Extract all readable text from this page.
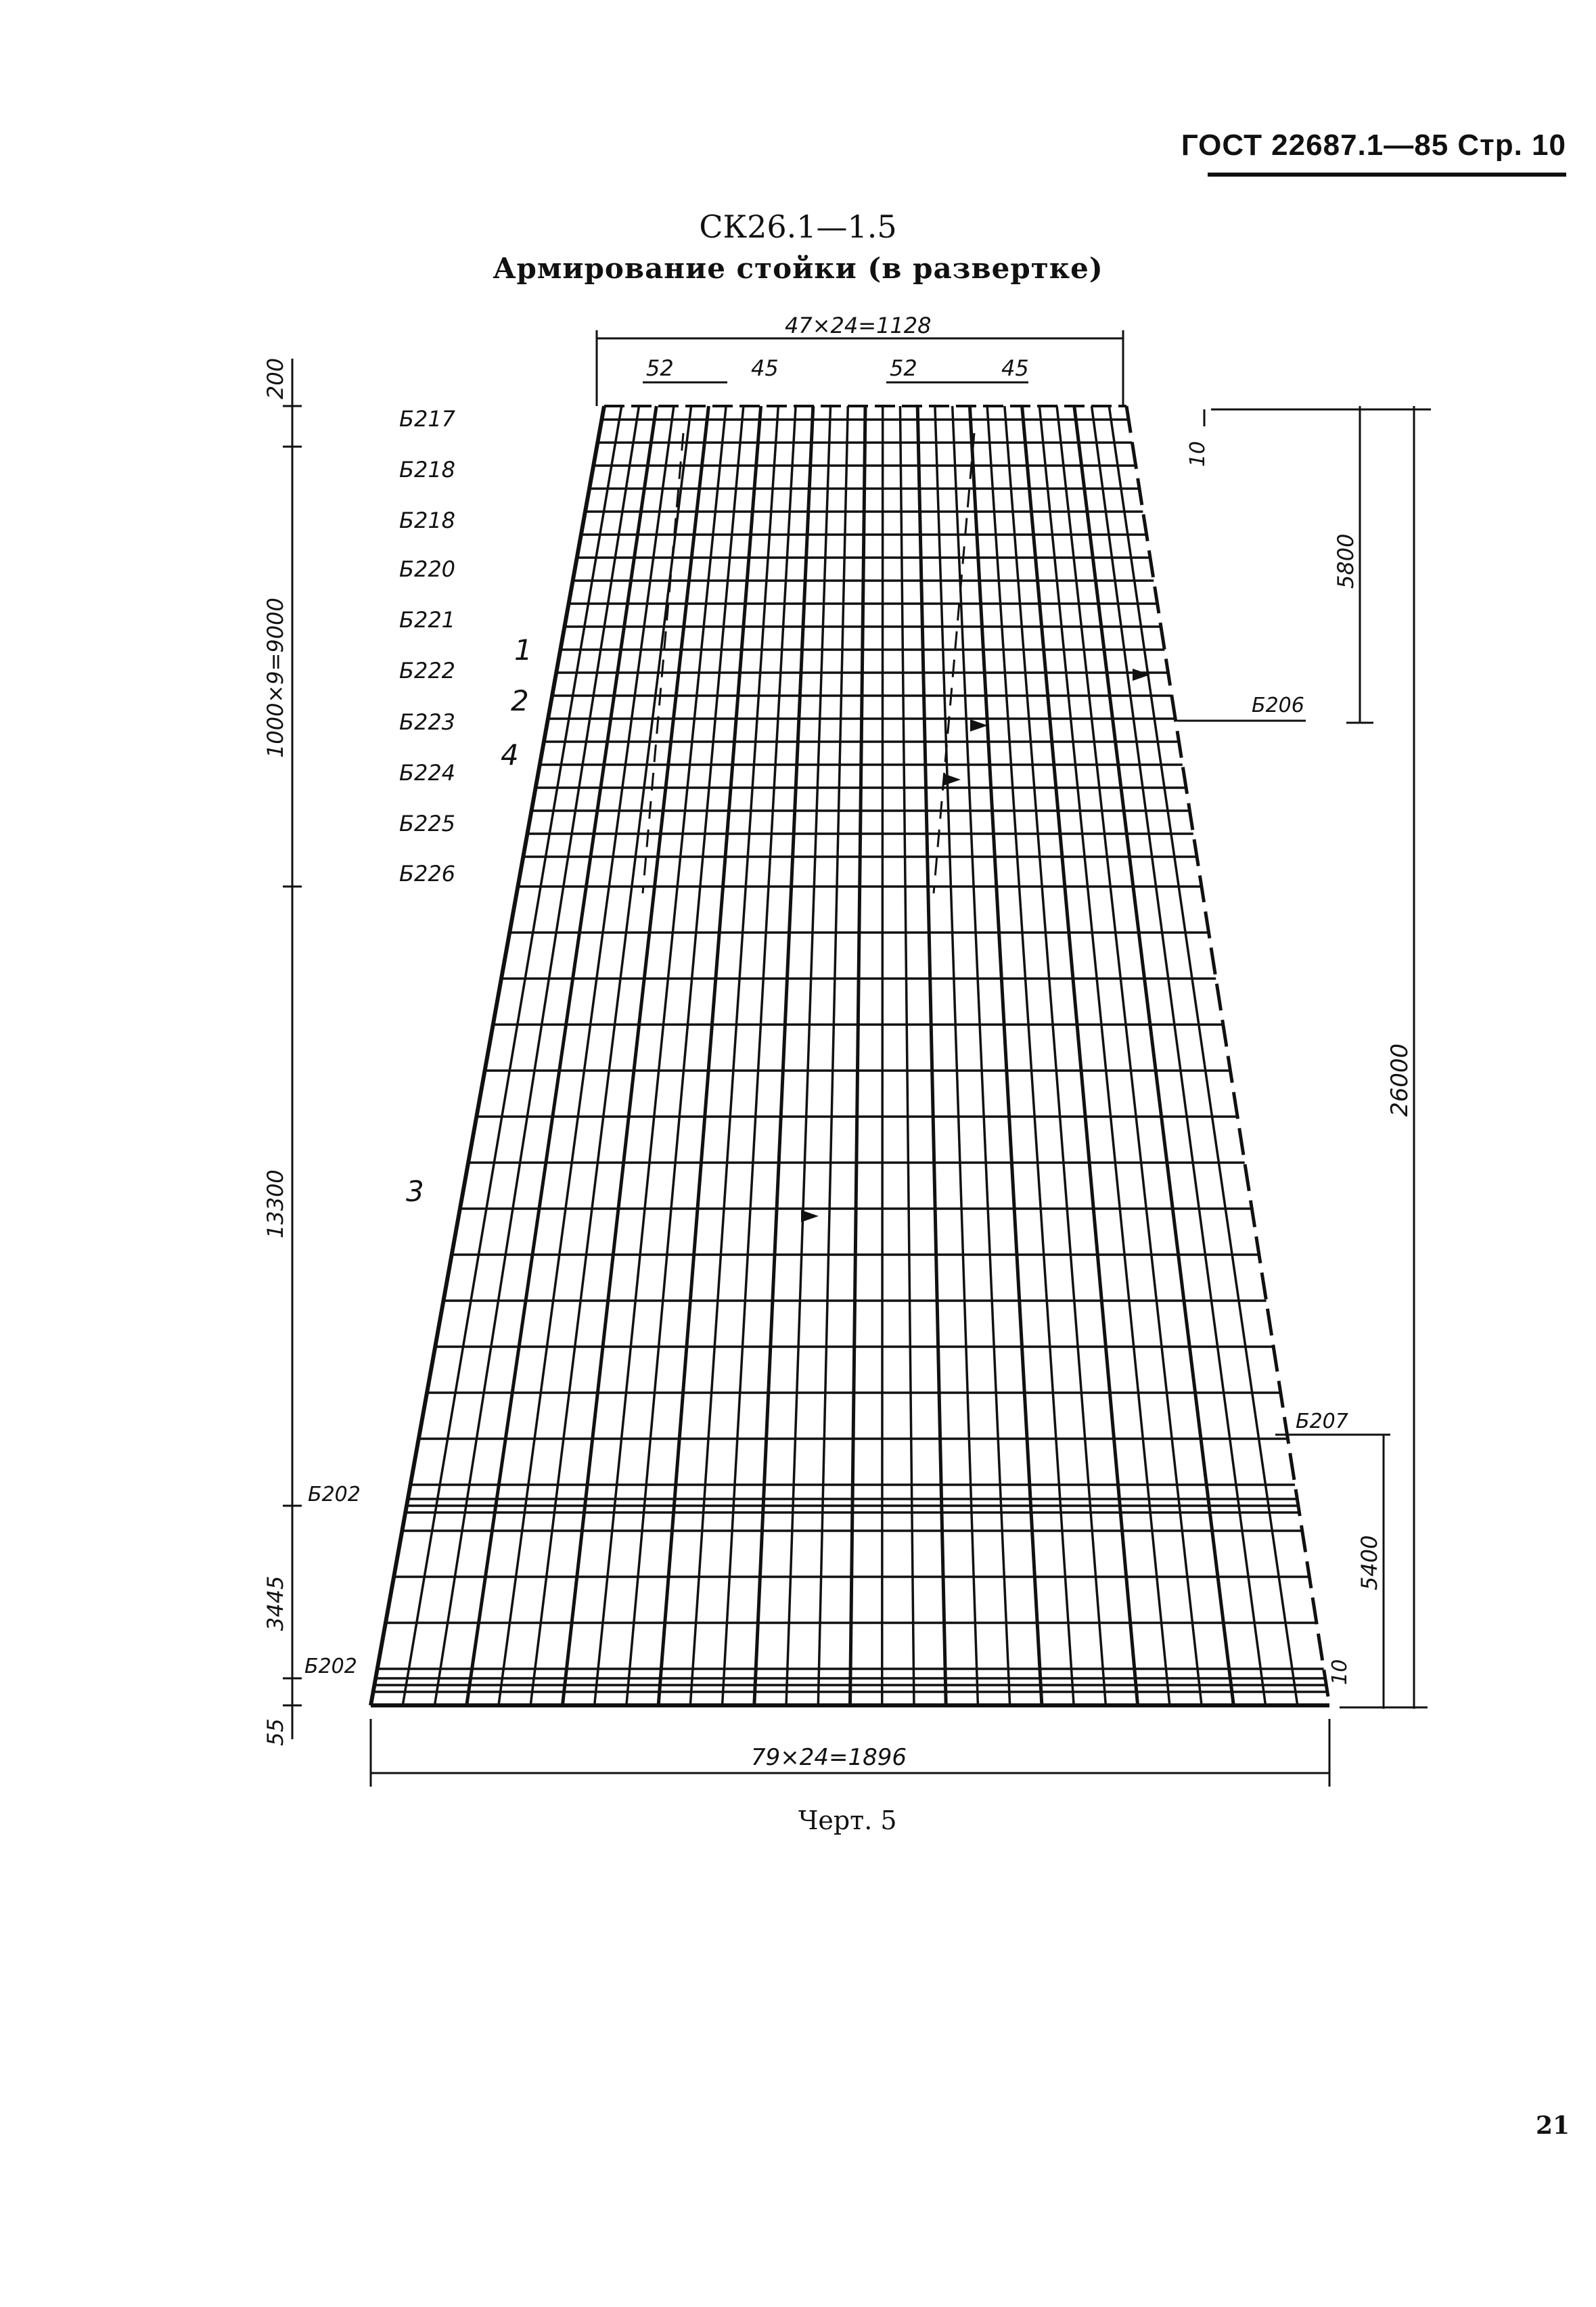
ГОСТ 22687.1—85 Стр. 10
СК26.1—1.5
Армирование стойки (в развертке)
Б217
Б218
Б218
Б220
Б221
Б222
Б223
Б224
Б225
Б226
200
1000×9=9000
13300
3445
55
Б202
Б202
47×24=1128
52	45	52	45
Б206
Б207
10
5800
26000
5400
10
79×24=1896
1
2
4
3
Черт. 5
21
